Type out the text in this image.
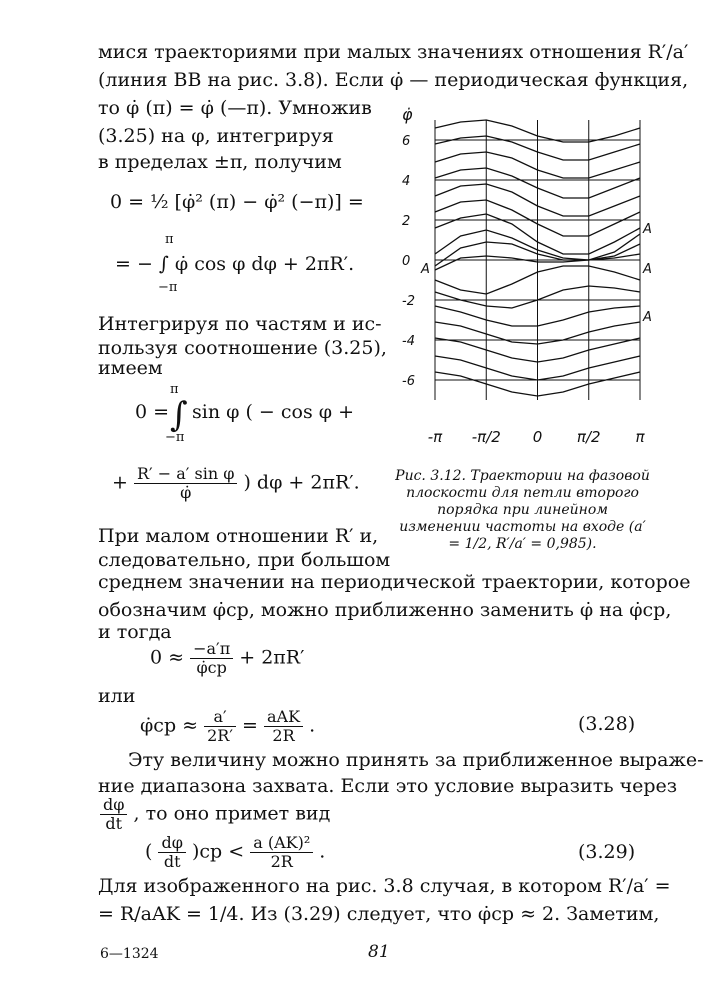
мися траекториями при малых значениях отношения R′/a′
(линия BB на рис. 3.8). Если φ̇ — периодическая функция,
то φ̇ (π) = φ̇ (—π). Умножив
(3.25) на φ, интегрируя
в пределах ±π, получим
0 = ½ [φ̇² (π) − φ̇² (−π)] =
π
= − ∫ φ̇ cos φ dφ + 2πR′.
−π
Интегрируя по частям и ис-
пользуя соотношение (3.25),
имеем
0 =
π
∫
−π
sin φ ( − cos φ +
+ $\frac{\text{R′ − a′ sin φ}}{\varphi̇}$ ) dφ + 2πR′.
При малом отношении R′ и,
следовательно, при большом
среднем значении на периодической траектории, которое
обозначим φ̇ср, можно приближенно заменить φ̇ на φ̇ср,
и тогда
$0 \approx \frac{-a'\pi}{\varphi̇ср} + 2\pi R'$
или
φ̇ср ≈ $\frac{a'}{2R'} = \frac{\text{aAK}}{2R}$ .	(3.28)
Эту величину можно принять за приближенное выраже-
ние диапазона захвата. Если это условие выразить через
$\frac{d\varphi}{dt}$ , то оно примет вид
( $\frac{d\varphi}{dt} )ср < \frac{\text{a (AK)²}}{2R}$ .	(3.29)
Для изображенного на рис. 3.8 случая, в котором R′/a′ =
= R/aAK = 1/4. Из (3.29) следует, что φ̇ср ≈ 2. Заметим,
6—1324	81
6
4
2
0
-2
-4
-6
-π -π/2 0 π/2 π
φ̇
A
A	A
A
Рис. 3.12. Траектории на фазовой плоскости для петли второго порядка при линейном изменении частоты на входе (a′ = 1/2, R′/a′ = 0,985).
